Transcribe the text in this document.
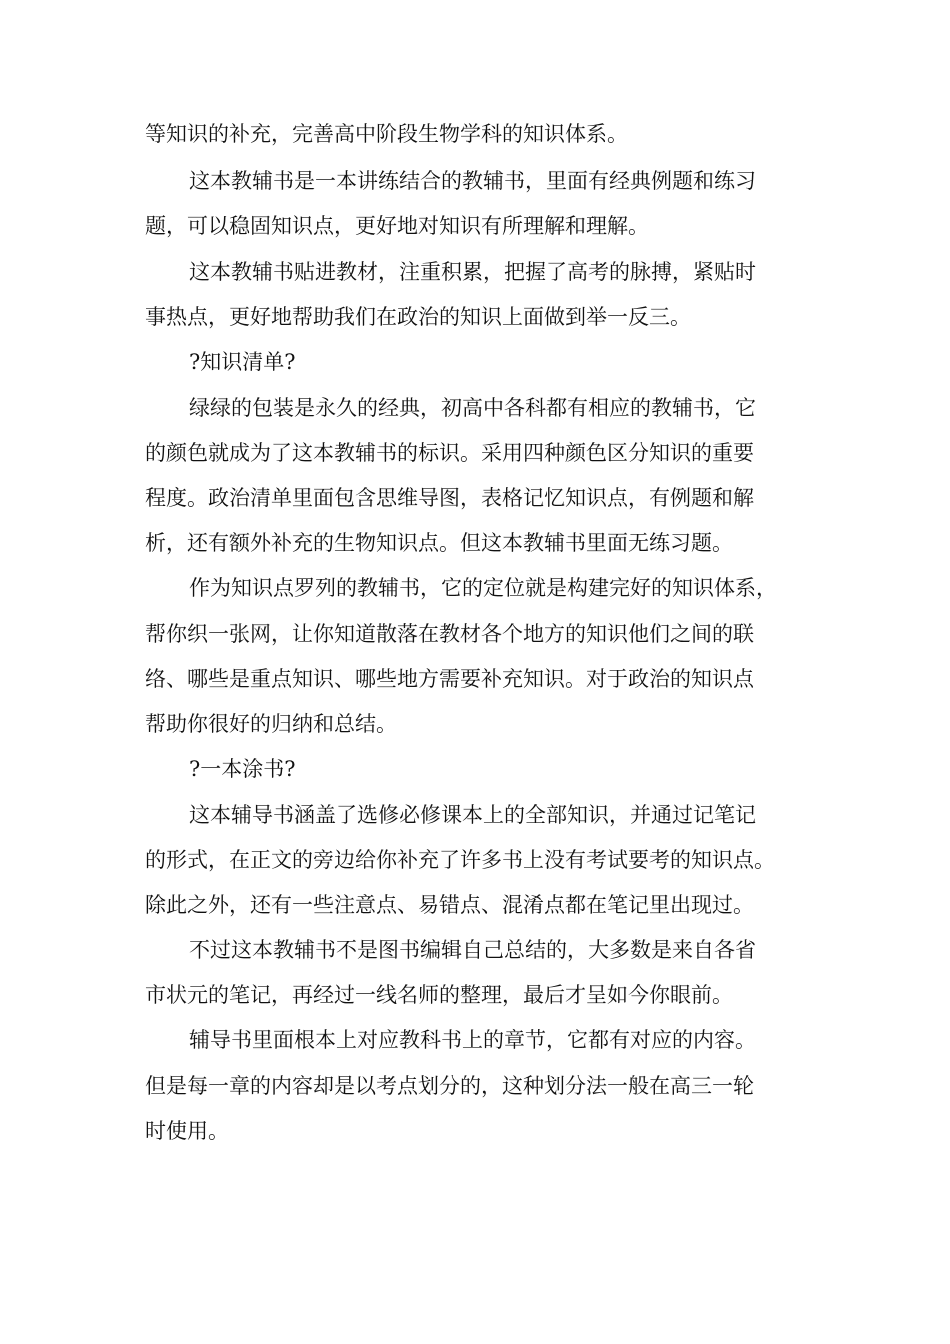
等知识的补充，完善高中阶段生物学科的知识体系。
这本教辅书是一本讲练结合的教辅书，里面有经典例题和练习
题，可以稳固知识点，更好地对知识有所理解和理解。
这本教辅书贴进教材，注重积累，把握了高考的脉搏，紧贴时
事热点，更好地帮助我们在政治的知识上面做到举一反三。
?知识清单?
绿绿的包装是永久的经典，初高中各科都有相应的教辅书，它
的颜色就成为了这本教辅书的标识。采用四种颜色区分知识的重要
程度。政治清单里面包含思维导图，表格记忆知识点，有例题和解
析，还有额外补充的生物知识点。但这本教辅书里面无练习题。
作为知识点罗列的教辅书，它的定位就是构建完好的知识体系，
帮你织一张网，让你知道散落在教材各个地方的知识他们之间的联
络、哪些是重点知识、哪些地方需要补充知识。对于政治的知识点
帮助你很好的归纳和总结。
?一本涂书?
这本辅导书涵盖了选修必修课本上的全部知识，并通过记笔记
的形式，在正文的旁边给你补充了许多书上没有考试要考的知识点。
除此之外，还有一些注意点、易错点、混淆点都在笔记里出现过。
不过这本教辅书不是图书编辑自己总结的，大多数是来自各省
市状元的笔记，再经过一线名师的整理，最后才呈如今你眼前。
辅导书里面根本上对应教科书上的章节，它都有对应的内容。
但是每一章的内容却是以考点划分的，这种划分法一般在高三一轮
时使用。
